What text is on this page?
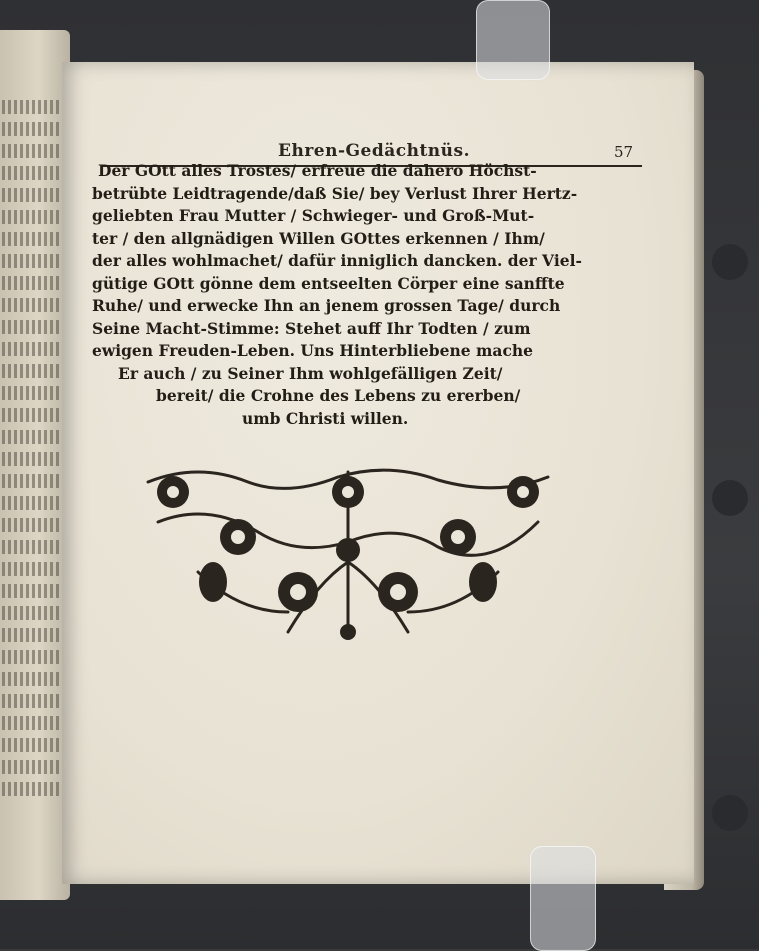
Ehren-Gedächtnüs.	57
Der GOtt alles Trostes/ erfreue die dahero Höchst-
betrübte Leidtragende/daß Sie/ bey Verlust Ihrer Hertz-
geliebten Frau Mutter / Schwieger- und Groß-Mut-
ter / den allgnädigen Willen GOttes erkennen / Ihm/
der alles wohlmachet/ dafür inniglich dancken. der Viel-
gütige GOtt gönne dem entseelten Cörper eine sanffte
Ruhe/ und erwecke Ihn an jenem grossen Tage/ durch
Seine Macht-Stimme: Stehet auff Ihr Todten / zum
ewigen Freuden-Leben. Uns Hinterbliebene mache
Er auch / zu Seiner Ihm wohlgefälligen Zeit/
bereit/ die Crohne des Lebens zu ererben/
umb Christi willen.
